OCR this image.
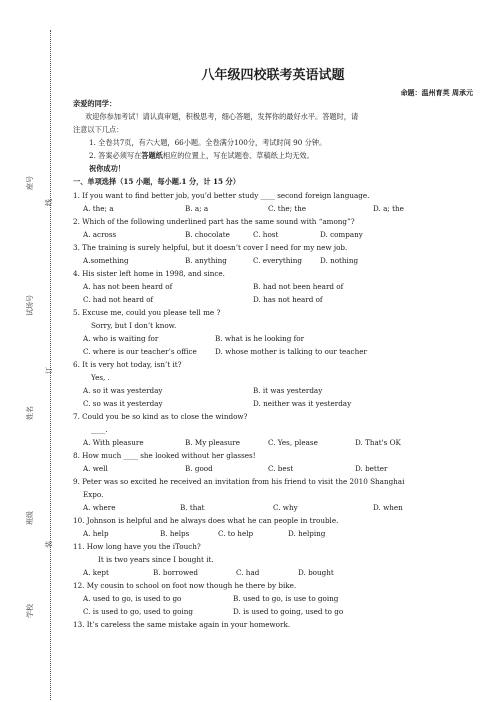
学校
班级
姓名
试场号
座号
装
订
线
八年级四校联考英语试题
命题：温州育英 周承元
亲爱的同学：
欢迎你参加考试！请认真审题，积极思考，细心答题，发挥你的最好水平。答题时，请
注意以下几点：
1. 全卷共7页，有六大题，66小题。全卷满分100分，考试时间 90 分钟。
2. 答案必须写在答题纸相应的位置上，写在试题卷、草稿纸上均无效。
祝你成功！
一、单项选择（15 小题，每小题.1 分，计 15 分）
1. If you want to find better job, you’d better study ____ second foreign language.
A. the; a	B. a; a	C. the; the	D. a; the
2. Which of the following underlined part has the same sound with “among”?
A. across	B. chocolate	C. host	D. company
3. The training is surely helpful, but it doesn’t cover I need for my new job.
A.something	B. anything	C. everything	D. nothing
4. His sister left home in 1998, and since.
A. has not been heard of	B. had not been heard of
C. had not heard of	D. has not heard of
5. Excuse me, could you please tell me ?
Sorry, but I don’t know.
A. who is waiting for	B. what is he looking for
C. where is our teacher’s office	D. whose mother is talking to our teacher
6. It is very hot today, isn’t it?
Yes, .
A. so it was yesterday	B. it was yesterday
C. so was it yesterday	D. neither was it yesterday
7. Could you be so kind as to close the window?
____.
A. With pleasure	B. My pleasure	C. Yes, please	D. That's OK
8. How much ____ she looked without her glasses!
A. well	B. good	C. best	D. better
9. Peter was so excited he received an invitation from his friend to visit the 2010 Shanghai
Expo.
A. where	B. that	C. why	D. when
10. Johnson is helpful and he always does what he can people in trouble.
A. help	B. helps	C. to help	D. helping
11. How long have you the iTouch?
It is two years since I bought it.
A. kept	B. borrowed	C. had	D. bought
12. My cousin to school on foot now though he there by bike.
A. used to go, is used to go	B. used to go, is use to going
C. is used to go, used to going	D. is used to going, used to go
13. It’s careless the same mistake again in your homework.
